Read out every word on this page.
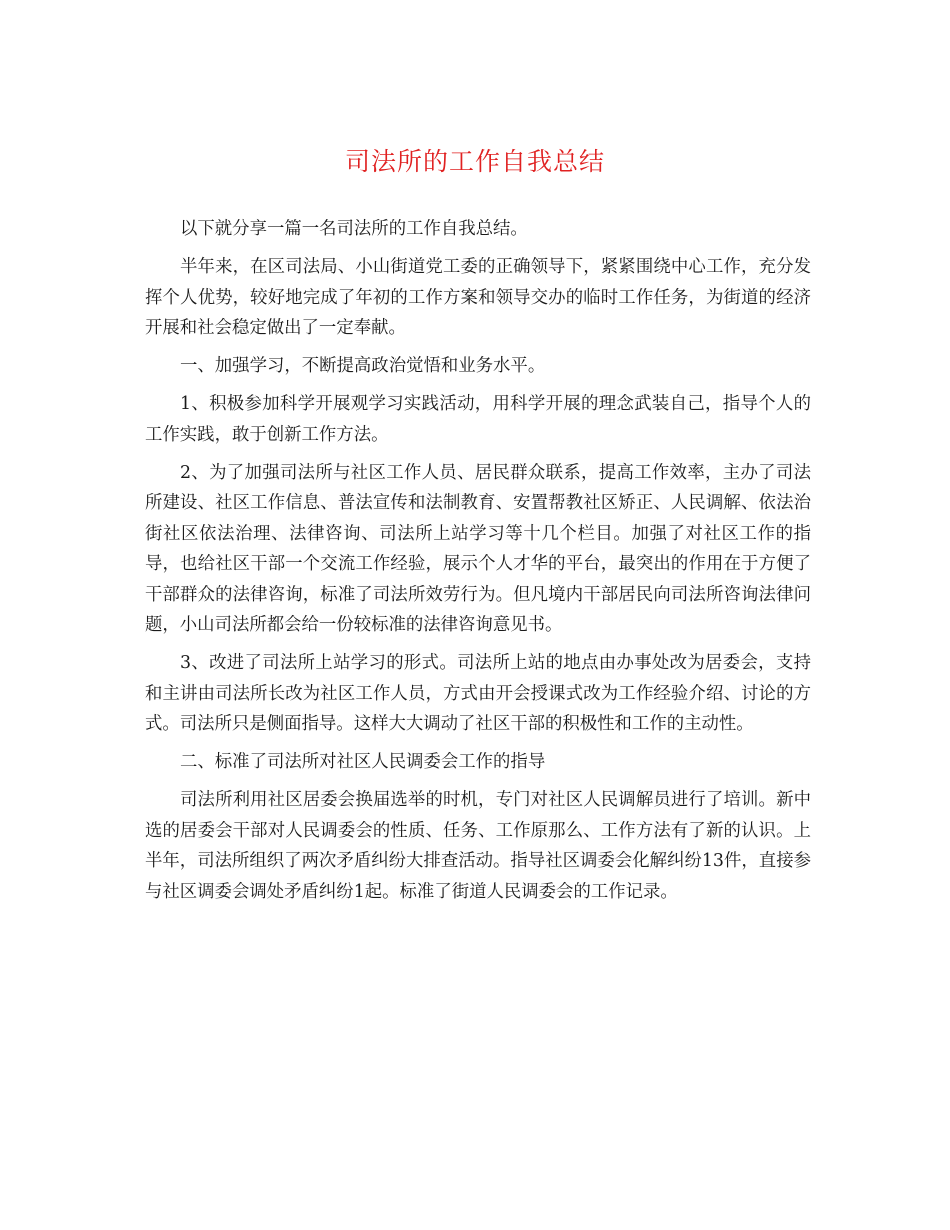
司法所的工作自我总结

以下就分享一篇一名司法所的工作自我总结。

半年来，在区司法局、小山街道党工委的正确领导下，紧紧围绕中心工作，充分发挥个人优势，较好地完成了年初的工作方案和领导交办的临时工作任务，为街道的经济开展和社会稳定做出了一定奉献。

一、加强学习，不断提高政治觉悟和业务水平。

1、积极参加科学开展观学习实践活动，用科学开展的理念武装自己，指导个人的工作实践，敢于创新工作方法。

2、为了加强司法所与社区工作人员、居民群众联系，提高工作效率，主办了司法所建设、社区工作信息、普法宣传和法制教育、安置帮教社区矫正、人民调解、依法治街社区依法治理、法律咨询、司法所上站学习等十几个栏目。加强了对社区工作的指导，也给社区干部一个交流工作经验，展示个人才华的平台，最突出的作用在于方便了干部群众的法律咨询，标准了司法所效劳行为。但凡境内干部居民向司法所咨询法律问题，小山司法所都会给一份较标准的法律咨询意见书。

3、改进了司法所上站学习的形式。司法所上站的地点由办事处改为居委会，支持和主讲由司法所长改为社区工作人员，方式由开会授课式改为工作经验介绍、讨论的方式。司法所只是侧面指导。这样大大调动了社区干部的积极性和工作的主动性。

二、标准了司法所对社区人民调委会工作的指导

司法所利用社区居委会换届选举的时机，专门对社区人民调解员进行了培训。新中选的居委会干部对人民调委会的性质、任务、工作原那么、工作方法有了新的认识。上半年，司法所组织了两次矛盾纠纷大排查活动。指导社区调委会化解纠纷13件，直接参与社区调委会调处矛盾纠纷1起。标准了街道人民调委会的工作记录。
